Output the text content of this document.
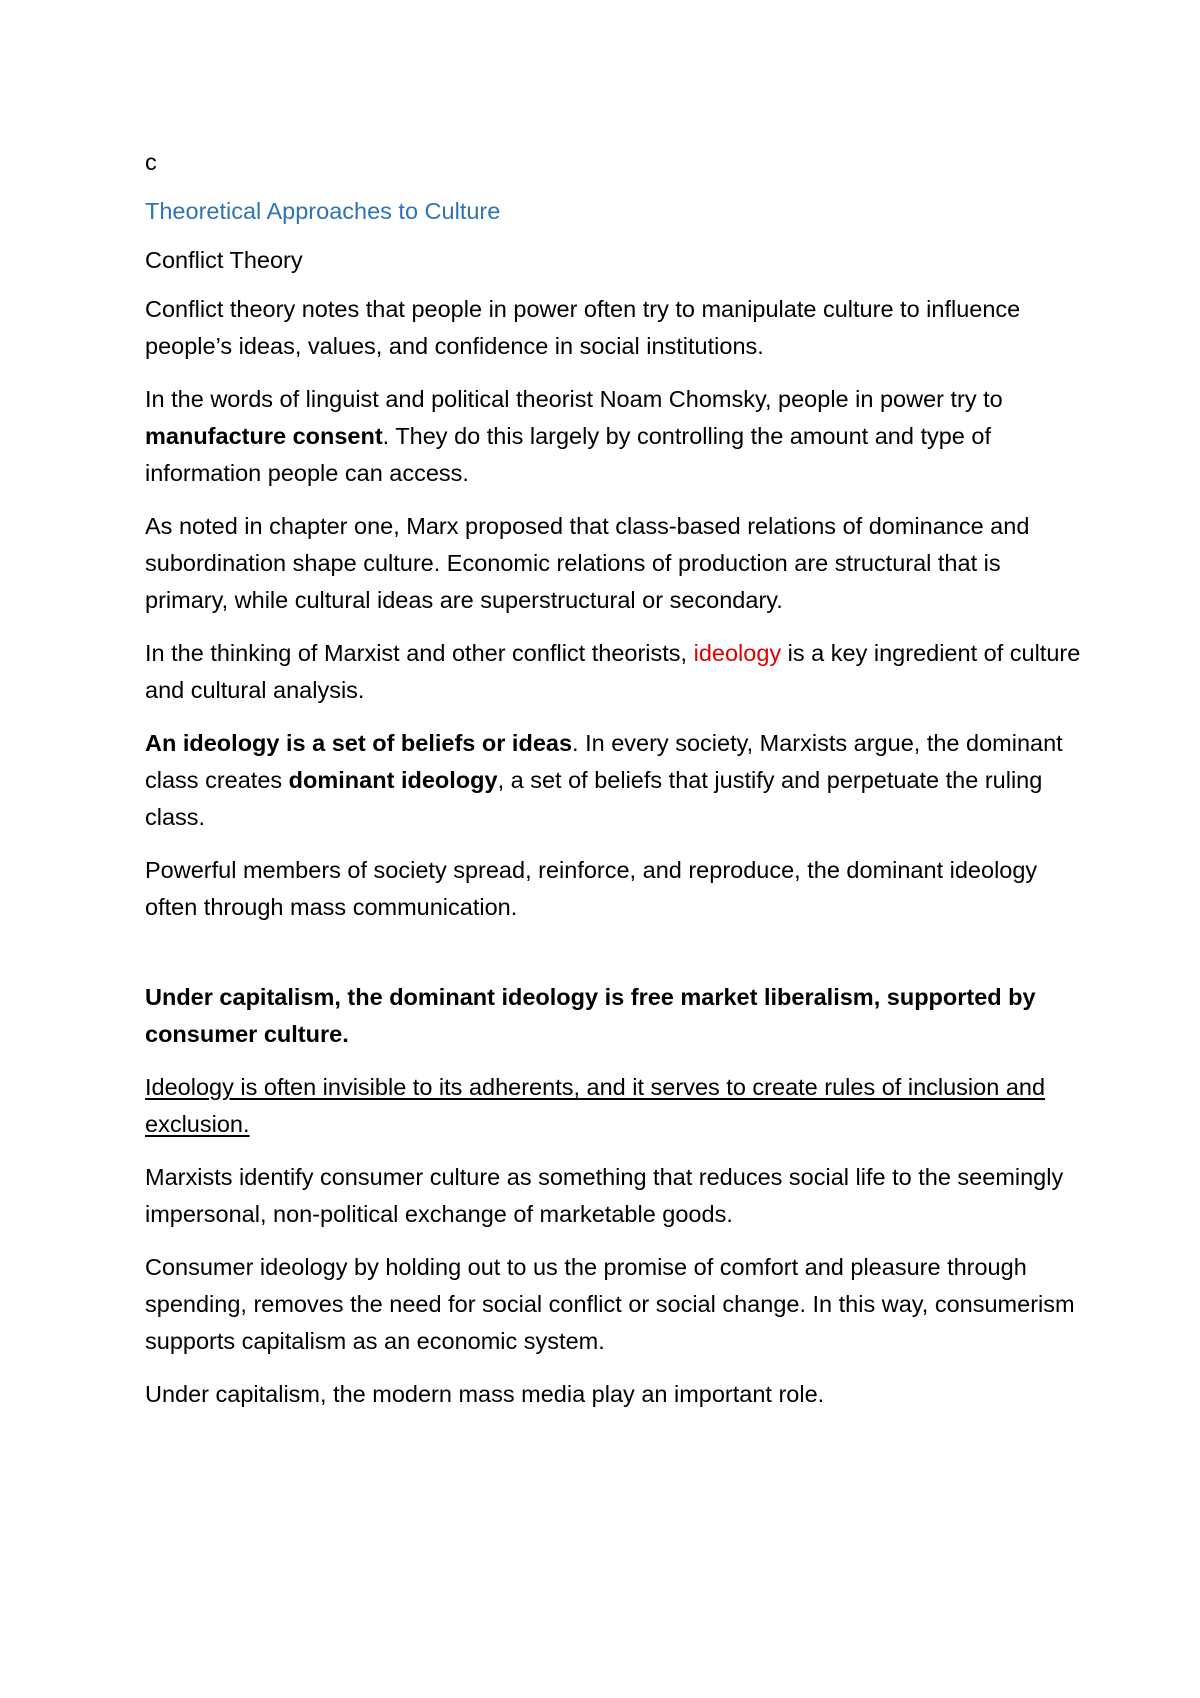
c

Theoretical Approaches to Culture

Conflict Theory

Conflict theory notes that people in power often try to manipulate culture to influence people’s ideas, values, and confidence in social institutions.

In the words of linguist and political theorist Noam Chomsky, people in power try to manufacture consent. They do this largely by controlling the amount and type of information people can access.

As noted in chapter one, Marx proposed that class-based relations of dominance and subordination shape culture. Economic relations of production are structural that is primary, while cultural ideas are superstructural or secondary.

In the thinking of Marxist and other conflict theorists, ideology is a key ingredient of culture and cultural analysis.

An ideology is a set of beliefs or ideas. In every society, Marxists argue, the dominant class creates dominant ideology, a set of beliefs that justify and perpetuate the ruling class.

Powerful members of society spread, reinforce, and reproduce, the dominant ideology often through mass communication.

Under capitalism, the dominant ideology is free market liberalism, supported by consumer culture.

Ideology is often invisible to its adherents, and it serves to create rules of inclusion and exclusion.

Marxists identify consumer culture as something that reduces social life to the seemingly impersonal, non-political exchange of marketable goods.

Consumer ideology by holding out to us the promise of comfort and pleasure through spending, removes the need for social conflict or social change. In this way, consumerism supports capitalism as an economic system.

Under capitalism, the modern mass media play an important role.
